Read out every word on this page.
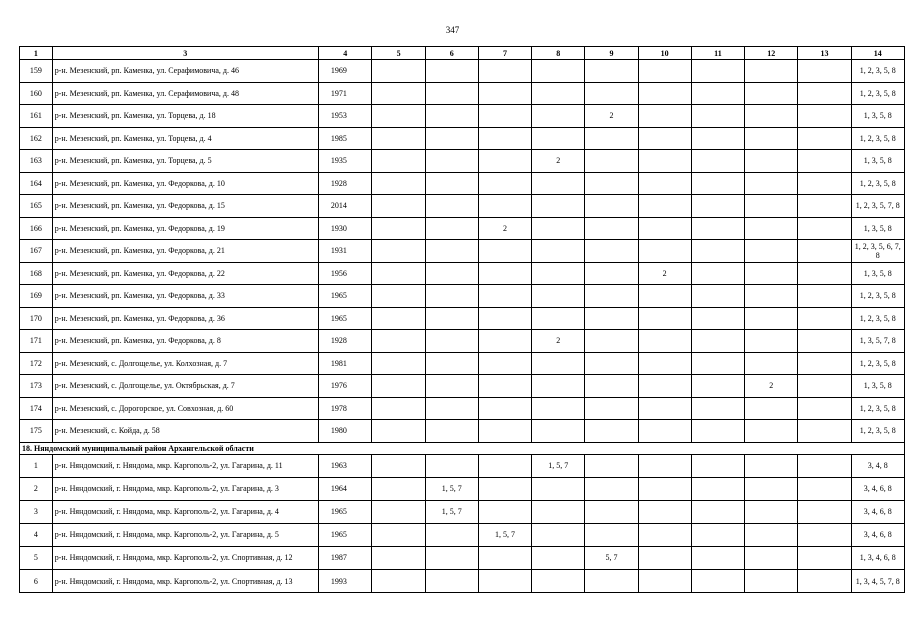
347
1	3	4	5	6	7	8	9	10	11	12	13	14
159	р-н. Мезенский, рп. Каменка, ул. Серафимовича, д. 46	1969										1, 2, 3, 5, 8
160	р-н. Мезенский, рп. Каменка, ул. Серафимовича, д. 48	1971										1, 2, 3, 5, 8
161	р-н. Мезенский, рп. Каменка, ул. Торцева, д. 18	1953					2					1, 3, 5, 8
162	р-н. Мезенский, рп. Каменка, ул. Торцева, д. 4	1985										1, 2, 3, 5, 8
163	р-н. Мезенский, рп. Каменка, ул. Торцева, д. 5	1935				2						1, 3, 5, 8
164	р-н. Мезенский, рп. Каменка, ул. Федоркова, д. 10	1928										1, 2, 3, 5, 8
165	р-н. Мезенский, рп. Каменка, ул. Федоркова, д. 15	2014										1, 2, 3, 5, 7, 8
166	р-н. Мезенский, рп. Каменка, ул. Федоркова, д. 19	1930			2							1, 3, 5, 8
167	р-н. Мезенский, рп. Каменка, ул. Федоркова, д. 21	1931										1, 2, 3, 5, 6, 7, 8
168	р-н. Мезенский, рп. Каменка, ул. Федоркова, д. 22	1956						2				1, 3, 5, 8
169	р-н. Мезенский, рп. Каменка, ул. Федоркова, д. 33	1965										1, 2, 3, 5, 8
170	р-н. Мезенский, рп. Каменка, ул. Федоркова, д. 36	1965										1, 2, 3, 5, 8
171	р-н. Мезенский, рп. Каменка, ул. Федоркова, д. 8	1928				2						1, 3, 5, 7, 8
172	р-н. Мезенский, с. Долгощелье, ул. Колхозная, д. 7	1981										1, 2, 3, 5, 8
173	р-н. Мезенский, с. Долгощелье, ул. Октябрьская, д. 7	1976								2		1, 3, 5, 8
174	р-н. Мезенский, с. Дорогорское, ул. Совхозная, д. 60	1978										1, 2, 3, 5, 8
175	р-н. Мезенский, с. Койда, д. 58	1980										1, 2, 3, 5, 8
18. Няндомский муниципальный район Архангельской области												
1	р-н. Няндомский, г. Няндома, мкр. Каргополь-2, ул. Гагарина, д. 11	1963				1, 5, 7						3, 4, 8
2	р-н. Няндомский, г. Няндома, мкр. Каргополь-2, ул. Гагарина, д. 3	1964		1, 5, 7								3, 4, 6, 8
3	р-н. Няндомский, г. Няндома, мкр. Каргополь-2, ул. Гагарина, д. 4	1965		1, 5, 7								3, 4, 6, 8
4	р-н. Няндомский, г. Няндома, мкр. Каргополь-2, ул. Гагарина, д. 5	1965			1, 5, 7							3, 4, 6, 8
5	р-н. Няндомский, г. Няндома, мкр. Каргополь-2, ул. Спортивная, д. 12	1987					5, 7					1, 3, 4, 6, 8
6	р-н. Няндомский, г. Няндома, мкр. Каргополь-2, ул. Спортивная, д. 13	1993										1, 3, 4, 5, 7, 8
